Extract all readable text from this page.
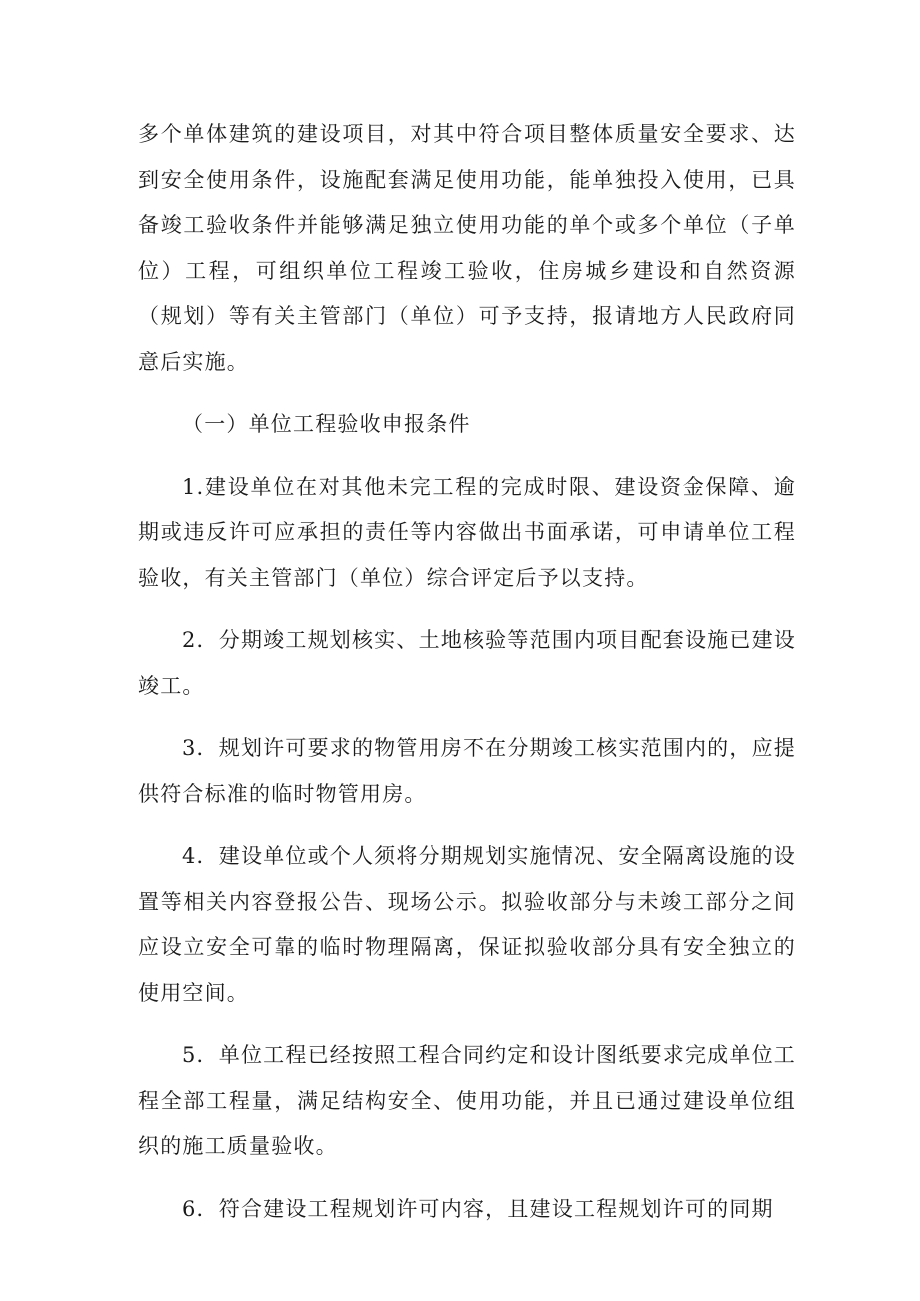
多个单体建筑的建设项目，对其中符合项目整体质量安全要求、达到安全使用条件，设施配套满足使用功能，能单独投入使用，已具备竣工验收条件并能够满足独立使用功能的单个或多个单位（子单位）工程，可组织单位工程竣工验收，住房城乡建设和自然资源（规划）等有关主管部门（单位）可予支持，报请地方人民政府同意后实施。

（一）单位工程验收申报条件

1.建设单位在对其他未完工程的完成时限、建设资金保障、逾期或违反许可应承担的责任等内容做出书面承诺，可申请单位工程验收，有关主管部门（单位）综合评定后予以支持。

2．分期竣工规划核实、土地核验等范围内项目配套设施已建设竣工。

3．规划许可要求的物管用房不在分期竣工核实范围内的，应提供符合标准的临时物管用房。

4．建设单位或个人须将分期规划实施情况、安全隔离设施的设置等相关内容登报公告、现场公示。拟验收部分与未竣工部分之间应设立安全可靠的临时物理隔离，保证拟验收部分具有安全独立的使用空间。

5．单位工程已经按照工程合同约定和设计图纸要求完成单位工程全部工程量，满足结构安全、使用功能，并且已通过建设单位组织的施工质量验收。

6．符合建设工程规划许可内容，且建设工程规划许可的同期
